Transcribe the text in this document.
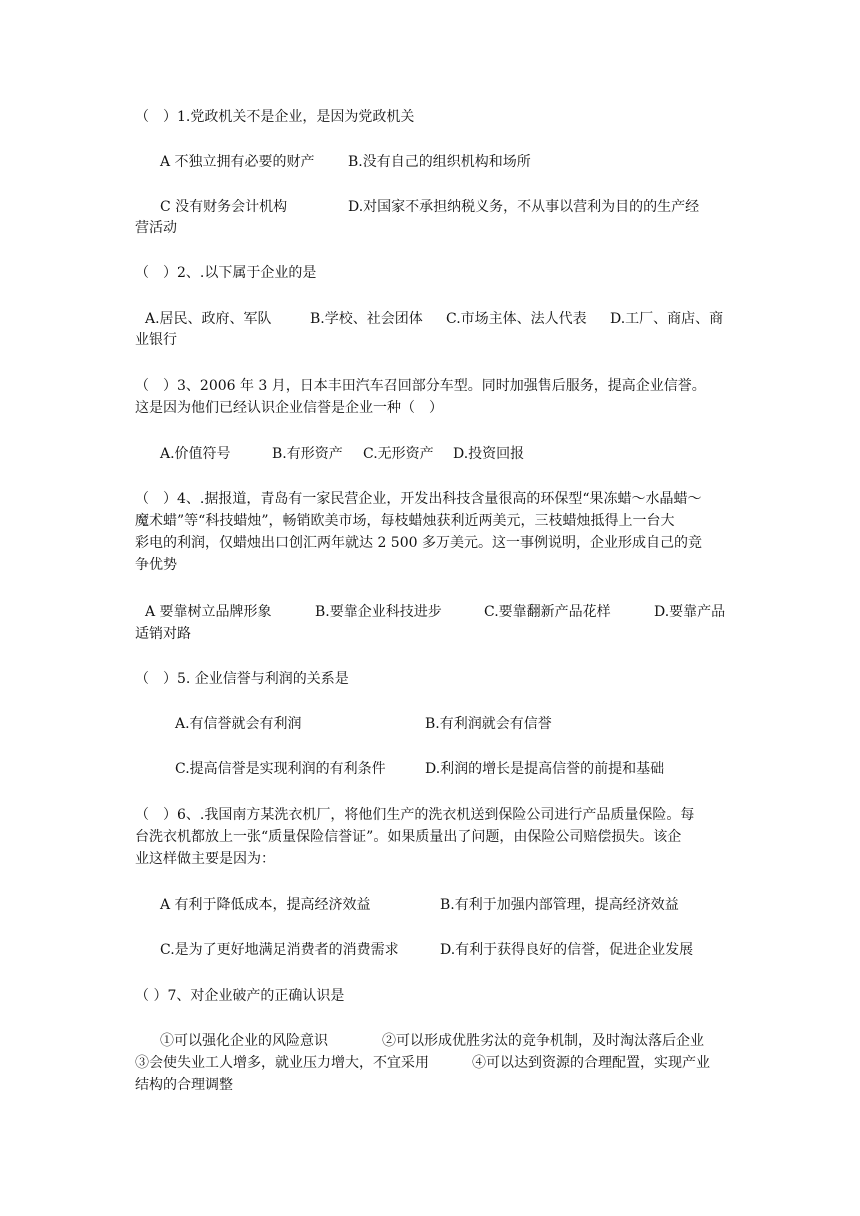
（　）1.党政机关不是企业，是因为党政机关
A 不独立拥有必要的财产 B.没有自己的组织机构和场所
C 没有财务会计机构	D.对国家不承担纳税义务，不从事以营利为目的的生产经
营活动
（　）2、.以下属于企业的是
A.居民、政府、军队	B.学校、社会团体 C.市场主体、法人代表 D.工厂、商店、商
业银行
（　）3、2006 年 3 月，日本丰田汽车召回部分车型。同时加强售后服务，提高企业信誉。
这是因为他们已经认识企业信誉是企业一种（　）
A.价值符号	B.有形资产 C.无形资产 D.投资回报
（　）4、.据报道，青岛有一家民营企业，开发出科技含量很高的环保型“果冻蜡～水晶蜡～
魔术蜡”等“科技蜡烛”，畅销欧美市场，每枝蜡烛获利近两美元，三枝蜡烛抵得上一台大
彩电的利润，仅蜡烛出口创汇两年就达 2 500 多万美元。这一事例说明，企业形成自己的竞
争优势
A 要靠树立品牌形象	B.要靠企业科技进步	C.要靠翻新产品花样	D.要靠产品
适销对路
（　）5. 企业信誉与利润的关系是
A.有信誉就会有利润	B.有利润就会有信誉
C.提高信誉是实现利润的有利条件	D.利润的增长是提高信誉的前提和基础
（　）6、.我国南方某洗衣机厂，将他们生产的洗衣机送到保险公司进行产品质量保险。每
台洗衣机都放上一张“质量保险信誉证”。如果质量出了问题，由保险公司赔偿损失。该企
业这样做主要是因为：
A 有利于降低成本，提高经济效益	B.有利于加强内部管理，提高经济效益
C.是为了更好地满足消费者的消费需求	D.有利于获得良好的信誉，促进企业发展
（ ）7、对企业破产的正确认识是
①可以强化企业的风险意识	②可以形成优胜劣汰的竞争机制，及时淘汰落后企业
③会使失业工人增多，就业压力增大，不宜采用	④可以达到资源的合理配置，实现产业
结构的合理调整
